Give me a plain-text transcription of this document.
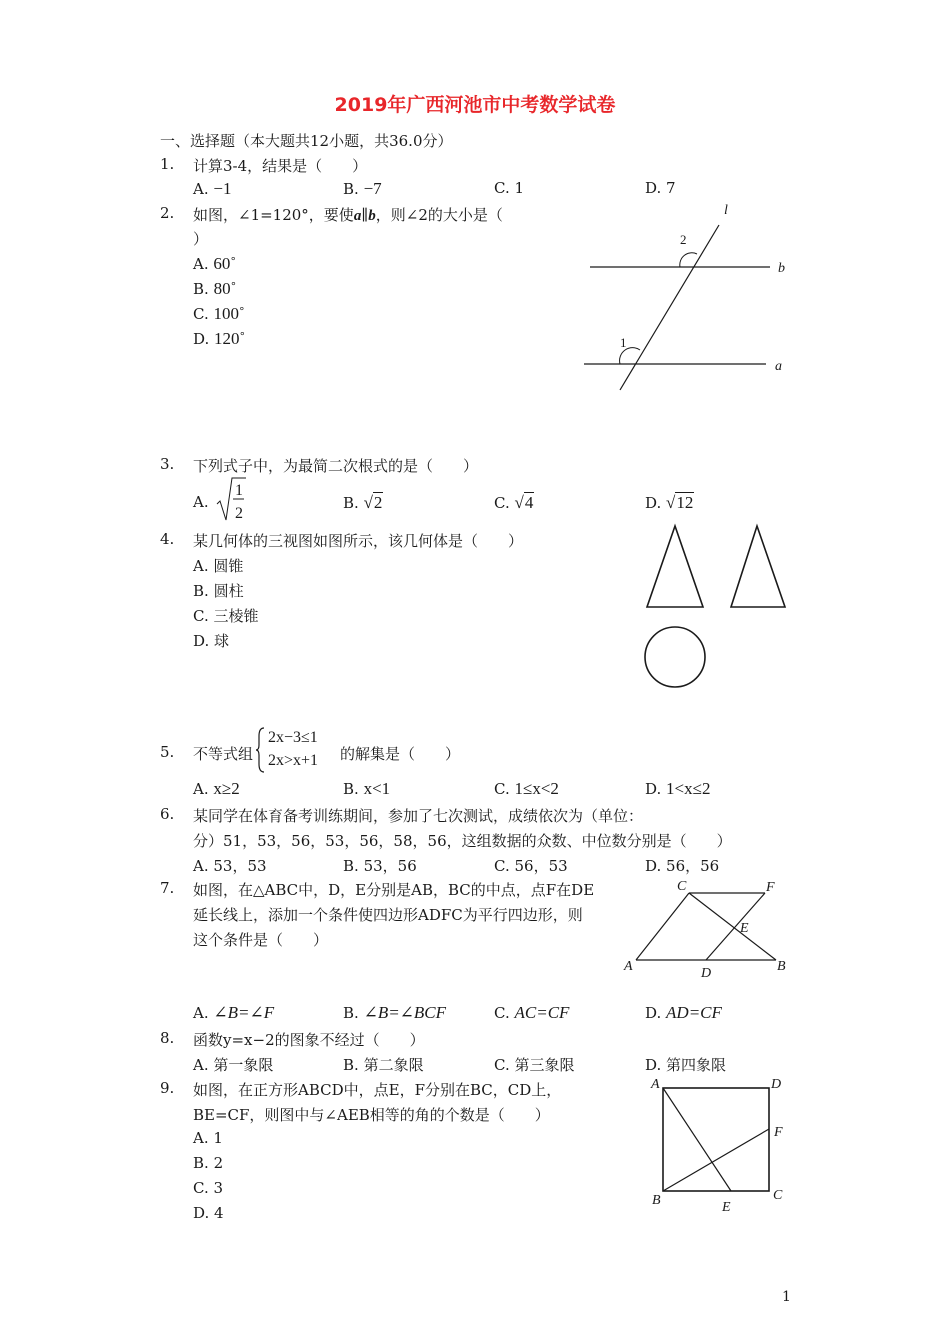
2019年广西河池市中考数学试卷
一、选择题（本大题共12小题，共36.0分）
1. 计算3-4，结果是（　　）
A. −1	B. −7	C. 1	D. 7
2. 如图，∠1=120°，要使a∥b，则∠2的大小是（
）
A. 60˚
B. 80˚
C. 100˚
D. 120˚
l
b
a
2
1
3. 下列式子中，为最简二次根式的是（　　）
A.
1
2
B. √2	C. √4	D. √12
4. 某几何体的三视图如图所示，该几何体是（　　）
A. 圆锥
B. 圆柱
C. 三棱锥
D. 球
5. 不等式组
2x−3≤1
2x>x+1 的解集是（　　）
A. x≥2	B. x<1	C. 1≤x<2	D. 1<x≤2
6. 某同学在体育备考训练期间，参加了七次测试，成绩依次为（单位：
分）51，53，56，53，56，58，56，这组数据的众数、中位数分别是（　　）
A. 53，53	B. 53，56	C. 56，53	D. 56，56
7. 如图，在△ABC中，D，E分别是AB，BC的中点，点F在DE
延长线上，添加一个条件使四边形ADFC为平行四边形，则
这个条件是（　　）
A. ∠B=∠F	B. ∠B=∠BCF	C. AC=CF	D. AD=CF
A	B
C
D
E
F
8. 函数y=x−2的图象不经过（　　）
A. 第一象限	B. 第二象限	C. 第三象限	D. 第四象限
9. 如图，在正方形ABCD中，点E，F分别在BC，CD上，
BE=CF，则图中与∠AEB相等的角的个数是（　　）
A. 1
B. 2
C. 3
D. 4
A	D
F
B	E
C
1
